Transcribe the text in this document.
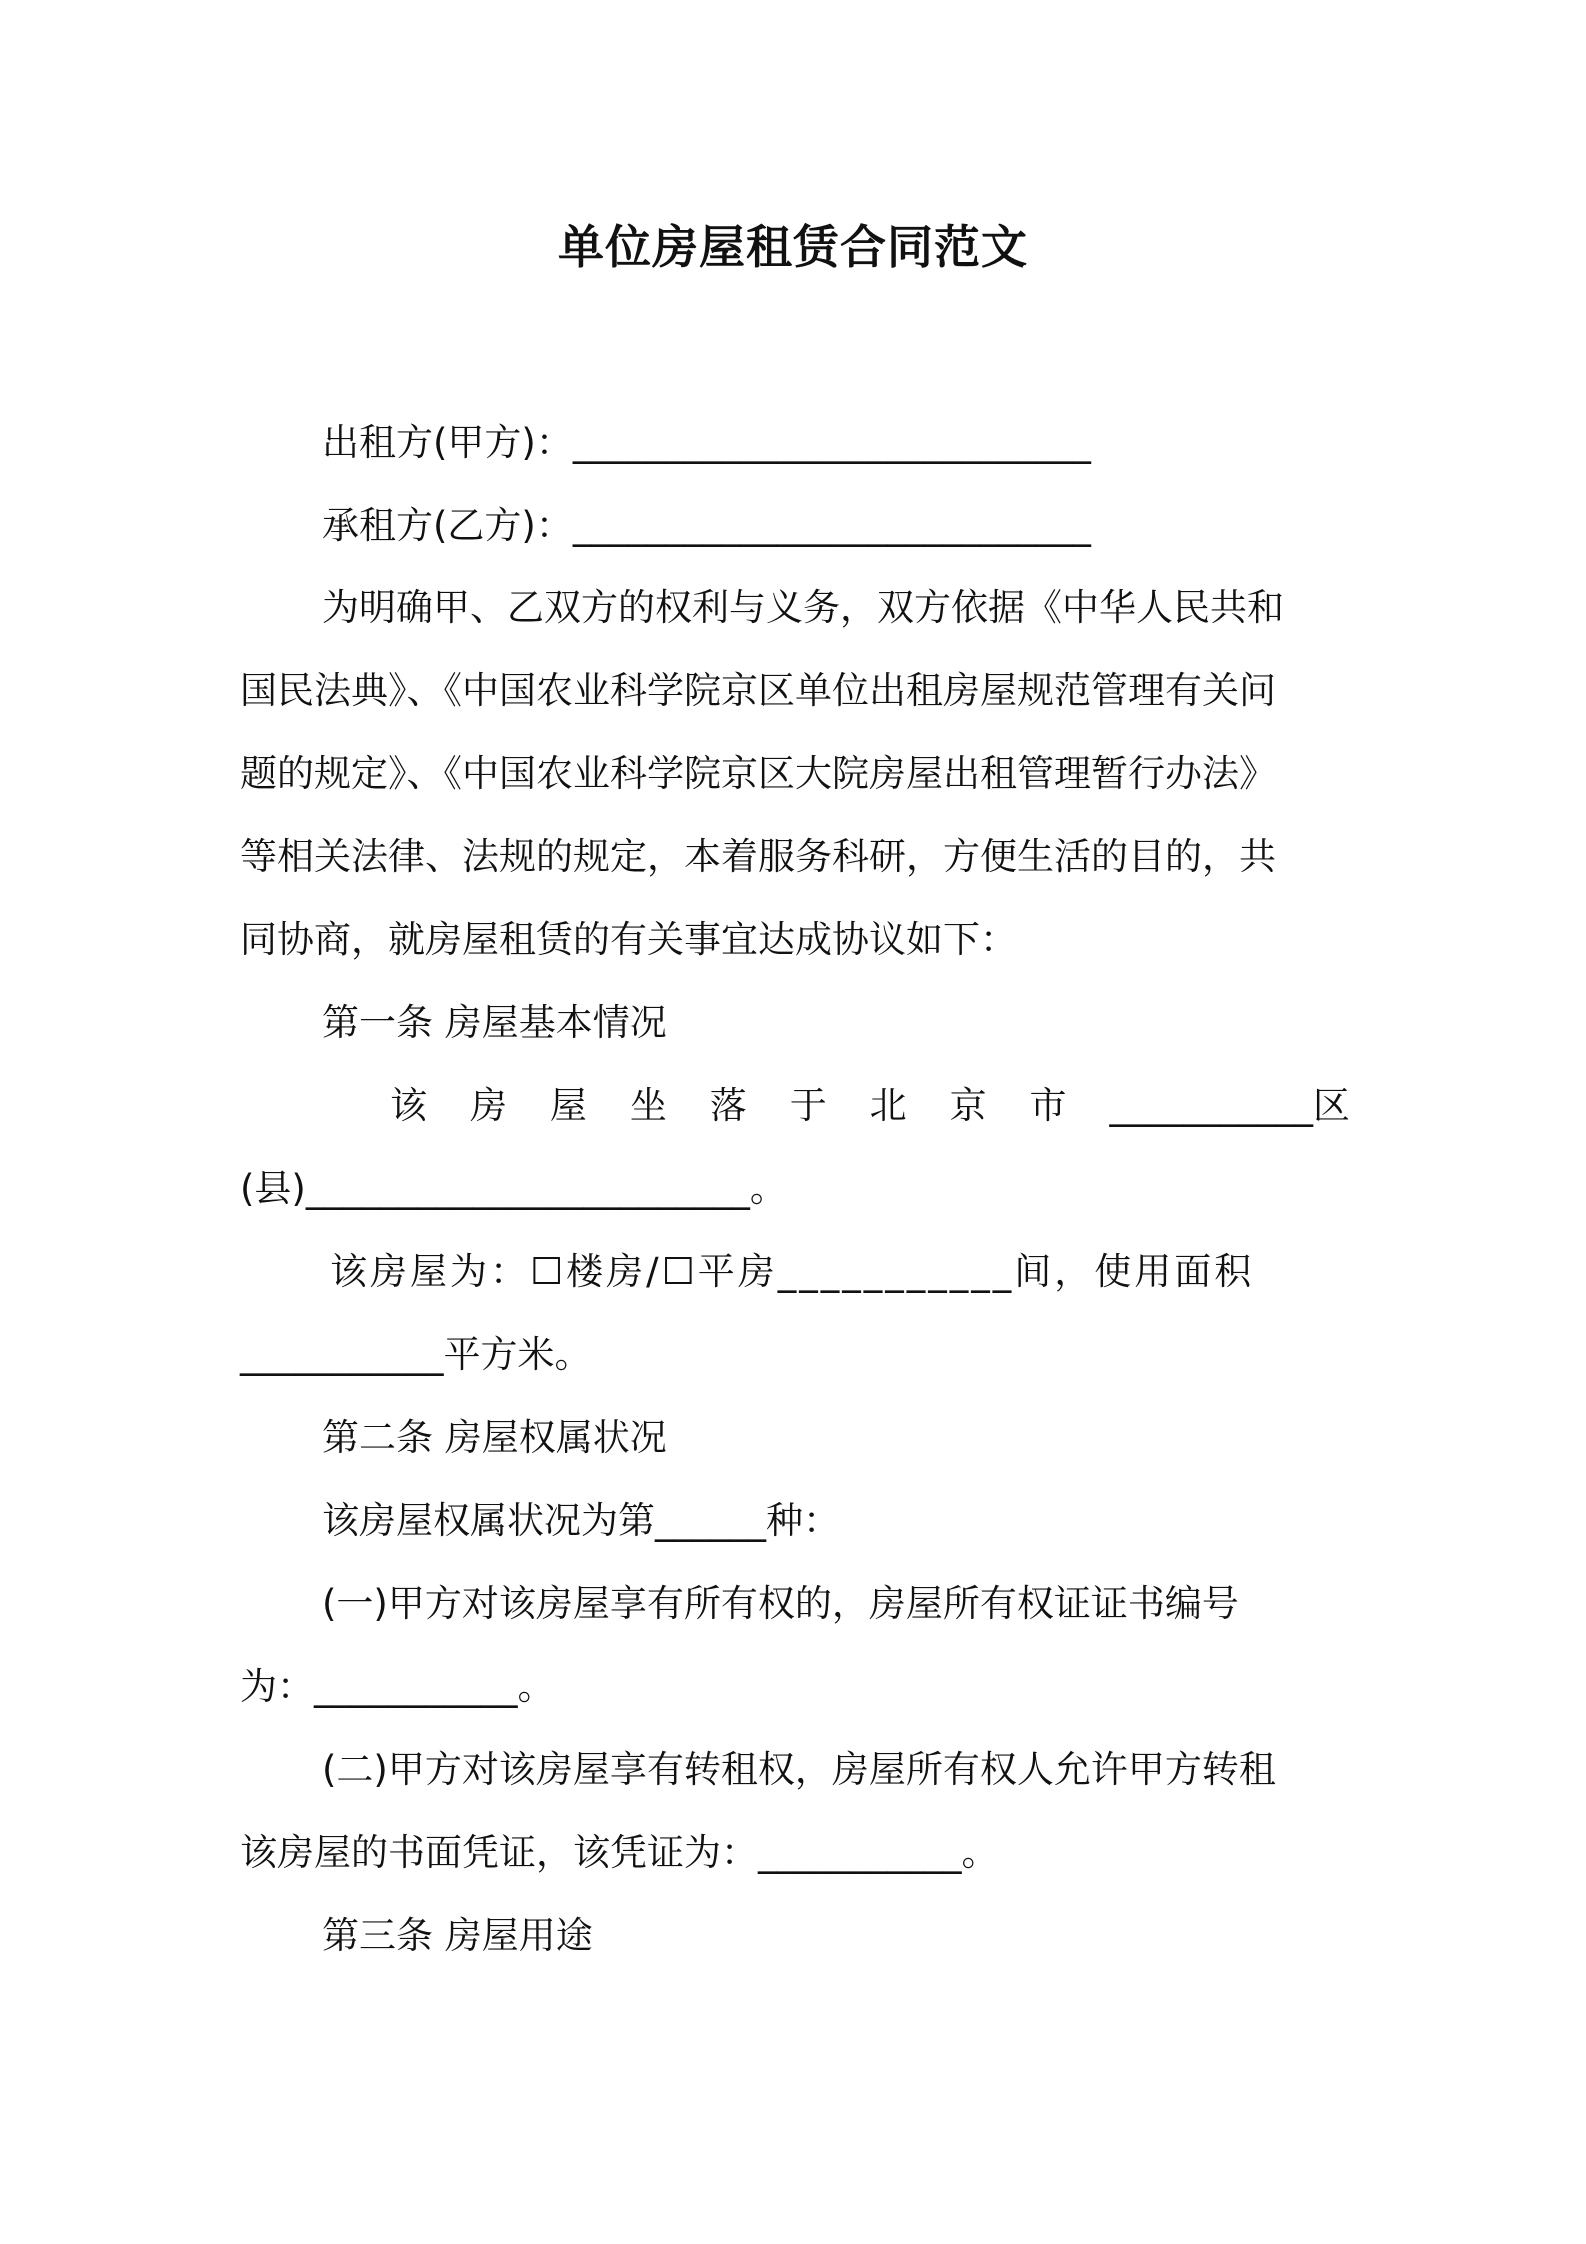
单位房屋租赁合同范文
出租方(甲方)：____________________________
承租方(乙方)：____________________________
为明确甲、乙双方的权利与义务，双方依据《中华人民共和
国民法典》、《中国农业科学院京区单位出租房屋规范管理有关问
题的规定》、《中国农业科学院京区大院房屋出租管理暂行办法》
等相关法律、法规的规定，本着服务科研，方便生活的目的，共
同协商，就房屋租赁的有关事宜达成协议如下：
第一条 房屋基本情况
该 房 屋 坐 落 于 北 京 市 ___________区
(县)________________________。
该房屋为：☐楼房/☐平房___________间，使用面积
___________平方米。
第二条 房屋权属状况
该房屋权属状况为第______种：
(一)甲方对该房屋享有所有权的，房屋所有权证证书编号
为：___________。
(二)甲方对该房屋享有转租权，房屋所有权人允许甲方转租
该房屋的书面凭证，该凭证为：___________。
第三条 房屋用途
